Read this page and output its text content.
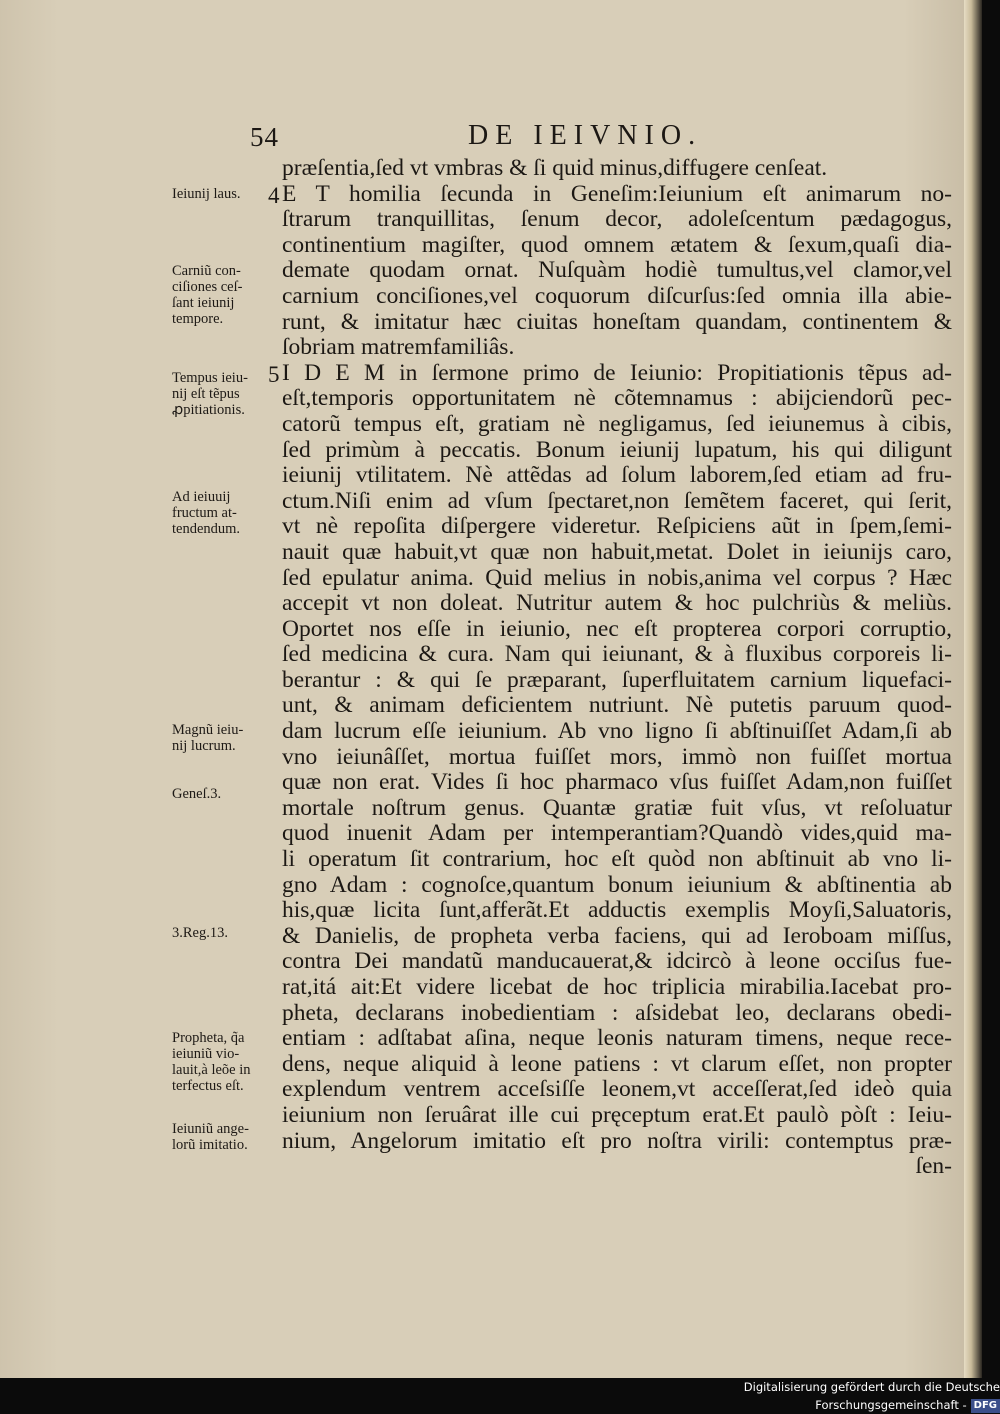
54	DE IEIVNIO.
præſentia,ſed vt vmbras & ſi quid minus,diffugere cenſeat.
E T homilia ſecunda in Geneſim:Ieiunium eſt animarum no-
ſtrarum tranquillitas, ſenum decor, adoleſcentum pædagogus,
continentium magiſter, quod omnem ætatem & ſexum,quaſi dia-
demate quodam ornat. Nuſquàm hodiè tumultus,vel clamor,vel
carnium conciſiones,vel coquorum diſcurſus:ſed omnia illa abie-
runt, & imitatur hæc ciuitas honeſtam quandam, continentem &
ſobriam matremfamiliâs.
I D E M in ſermone primo de Ieiunio: Propitiationis tẽpus ad-
eſt,temporis opportunitatem nè cõtemnamus : abijciendorũ pec-
catorũ tempus eſt, gratiam nè negligamus, ſed ieiunemus à cibis,
ſed primùm à peccatis. Bonum ieiunij lupatum, his qui diligunt
ieiunij vtilitatem. Nè attẽdas ad ſolum laborem,ſed etiam ad fru-
ctum.Niſi enim ad vſum ſpectaret,non ſemẽtem faceret, qui ſerit,
vt nè repoſita diſpergere videretur. Reſpiciens aũt in ſpem,ſemi-
nauit quæ habuit,vt quæ non habuit,metat. Dolet in ieiunijs caro,
ſed epulatur anima. Quid melius in nobis,anima vel corpus ? Hæc
accepit vt non doleat. Nutritur autem & hoc pulchriùs & meliùs.
Oportet nos eſſe in ieiunio, nec eſt propterea corpori corruptio,
ſed medicina & cura. Nam qui ieiunant, & à fluxibus corporeis li-
berantur : & qui ſe præparant, ſuperfluitatem carnium liquefaci-
unt, & animam deficientem nutriunt. Nè putetis paruum quod-
dam lucrum eſſe ieiunium. Ab vno ligno ſi abſtinuiſſet Adam,ſi ab
vno ieiunâſſet, mortua fuiſſet mors, immò non fuiſſet mortua
quæ non erat. Vides ſi hoc pharmaco vſus fuiſſet Adam,non fuiſſet
mortale noſtrum genus. Quantæ gratiæ fuit vſus, vt reſoluatur
quod inuenit Adam per intemperantiam?Quandò vides,quid ma-
li operatum ſit contrarium, hoc eſt quòd non abſtinuit ab vno li-
gno Adam : cognoſce,quantum bonum ieiunium & abſtinentia ab
his,quæ licita ſunt,afferãt.Et adductis exemplis Moyſi,Saluatoris,
& Danielis, de propheta verba faciens, qui ad Ieroboam miſſus,
contra Dei mandatũ manducauerat,& idcircò à leone occiſus fue-
rat,itá ait:Et videre licebat de hoc triplicia mirabilia.Iacebat pro-
pheta, declarans inobedientiam : aſsidebat leo, declarans obedi-
entiam : adſtabat aſina, neque leonis naturam timens, neque rece-
dens, neque aliquid à leone patiens : vt clarum eſſet, non propter
explendum ventrem acceſsiſſe leonem,vt acceſſerat,ſed ideò quia
ieiunium non ſeruârat ille cui pręceptum erat.Et paulò pòſt : Ieiu-
nium, Angelorum imitatio eſt pro noſtra virili: contemptus præ-
ſen-
4
5
Ieiunij laus.
Carniũ con-
ciſiones ceſ-
ſant ieiunij
tempore.
Tempus ieiu-
nij eſt tẽpus
ꝓpitiationis.
Ad ieiuuij
fructum at-
tendendum.
Magnũ ieiu-
nij lucrum.
Geneſ.3.
3.Reg.13.
Propheta, q̃a
ieiuniũ vio-
lauit,à leõe in
terfectus eſt.
Ieiuniũ ange-
lorũ imitatio.
Digitalisierung gefördert durch die Deutsche Forschungsgemeinschaft - DFG
